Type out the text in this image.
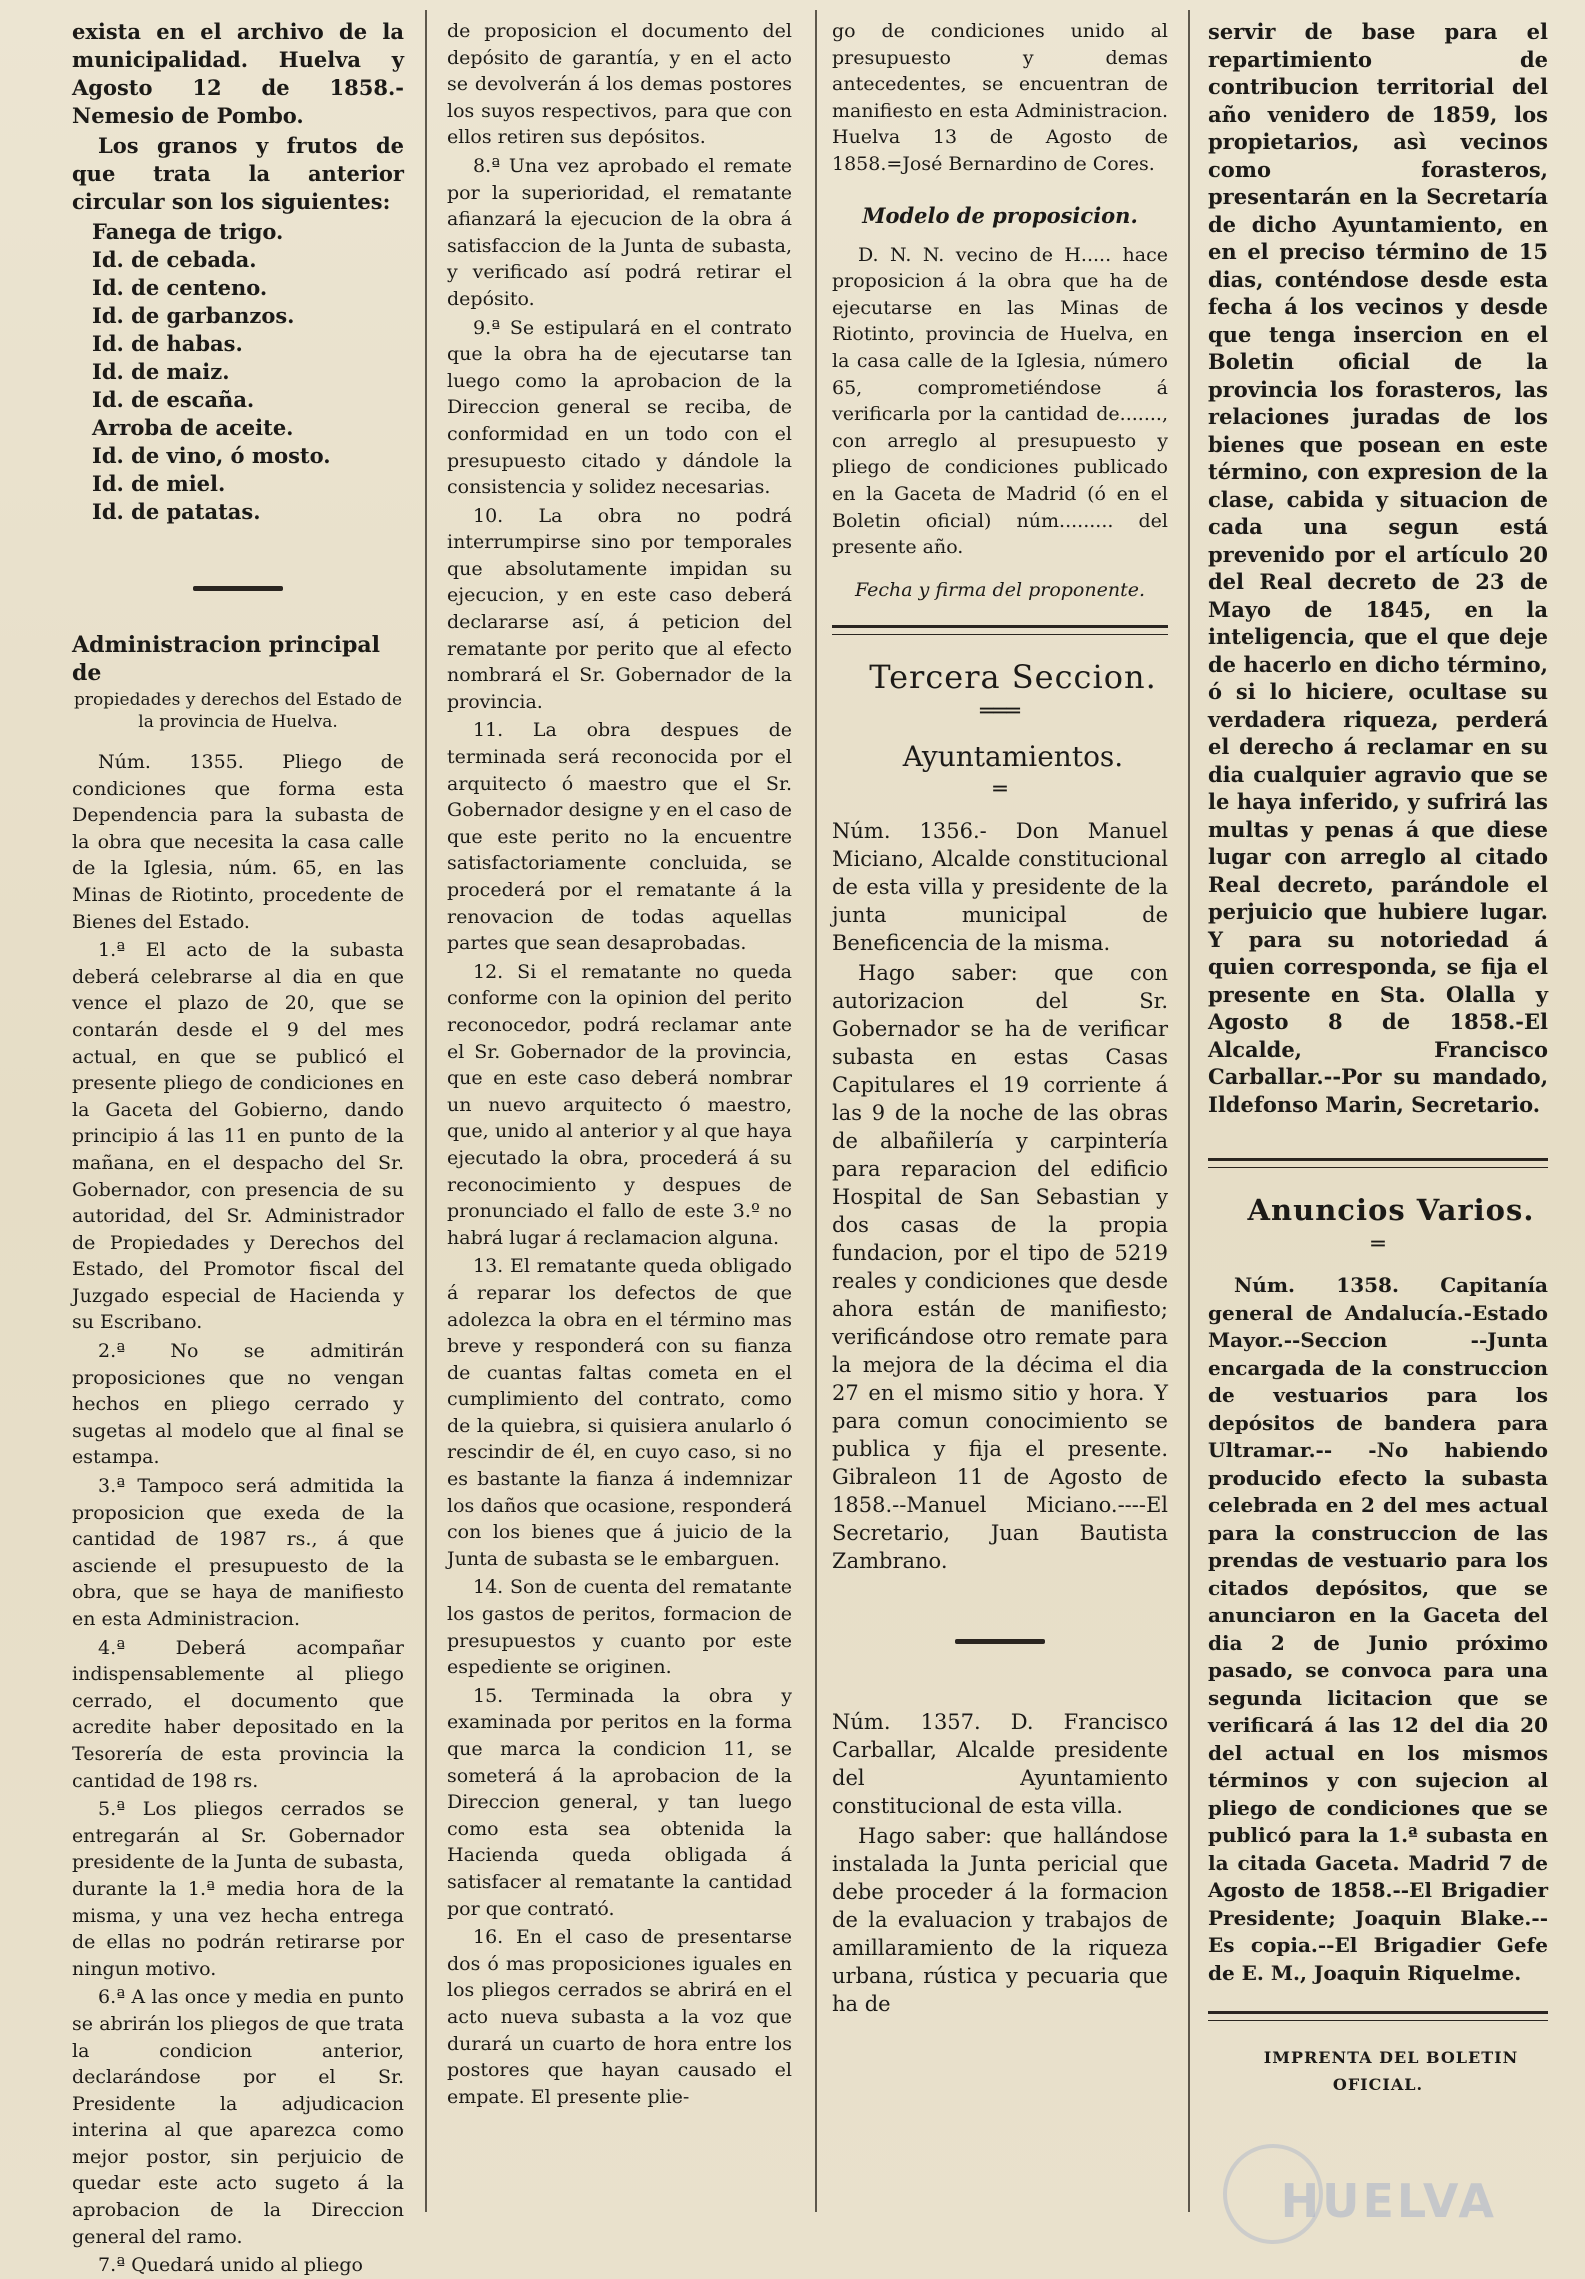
exista en el archivo de la municipalidad. Huelva y Agosto 12 de 1858.-Nemesio de Pombo.

Los granos y frutos de que trata la anterior circular son los siguientes:

Fanega de trigo.
Id. de cebada.
Id. de centeno.
Id. de garbanzos.
Id. de habas.
Id. de maiz.
Id. de escaña.
Arroba de aceite.
Id. de vino, ó mosto.
Id. de miel.
Id. de patatas.

Administracion principal de

propiedades y derechos del Estado de la provincia de Huelva.

Núm. 1355. Pliego de condiciones que forma esta Dependencia para la subasta de la obra que necesita la casa calle de la Iglesia, núm. 65, en las Minas de Riotinto, procedente de Bienes del Estado.

1.ª El acto de la subasta deberá celebrarse al dia en que vence el plazo de 20, que se contarán desde el 9 del mes actual, en que se publicó el presente pliego de condiciones en la Gaceta del Gobierno, dando principio á las 11 en punto de la mañana, en el despacho del Sr. Gobernador, con presencia de su autoridad, del Sr. Administrador de Propiedades y Derechos del Estado, del Promotor fiscal del Juzgado especial de Hacienda y su Escribano.

2.ª No se admitirán proposiciones que no vengan hechos en pliego cerrado y sugetas al modelo que al final se estampa.

3.ª Tampoco será admitida la proposicion que exeda de la cantidad de 1987 rs., á que asciende el presupuesto de la obra, que se haya de manifiesto en esta Administracion.

4.ª Deberá acompañar indispensablemente al pliego cerrado, el documento que acredite haber depositado en la Tesorería de esta provincia la cantidad de 198 rs.

5.ª Los pliegos cerrados se entregarán al Sr. Gobernador presidente de la Junta de subasta, durante la 1.ª media hora de la misma, y una vez hecha entrega de ellas no podrán retirarse por ningun motivo.

6.ª A las once y media en punto se abrirán los pliegos de que trata la condicion anterior, declarándose por el Sr. Presidente la adjudicacion interina al que aparezca como mejor postor, sin perjuicio de quedar este acto sugeto á la aprobacion de la Direccion general del ramo.

7.ª Quedará unido al pliego

de proposicion el documento del depósito de garantía, y en el acto se devolverán á los demas postores los suyos respectivos, para que con ellos retiren sus depósitos.

8.ª Una vez aprobado el remate por la superioridad, el rematante afianzará la ejecucion de la obra á satisfaccion de la Junta de subasta, y verificado así podrá retirar el depósito.

9.ª Se estipulará en el contrato que la obra ha de ejecutarse tan luego como la aprobacion de la Direccion general se reciba, de conformidad en un todo con el presupuesto citado y dándole la consistencia y solidez necesarias.

10. La obra no podrá interrumpirse sino por temporales que absolutamente impidan su ejecucion, y en este caso deberá declararse así, á peticion del rematante por perito que al efecto nombrará el Sr. Gobernador de la provincia.

11. La obra despues de terminada será reconocida por el arquitecto ó maestro que el Sr. Gobernador designe y en el caso de que este perito no la encuentre satisfactoriamente concluida, se procederá por el rematante á la renovacion de todas aquellas partes que sean desaprobadas.

12. Si el rematante no queda conforme con la opinion del perito reconocedor, podrá reclamar ante el Sr. Gobernador de la provincia, que en este caso deberá nombrar un nuevo arquitecto ó maestro, que, unido al anterior y al que haya ejecutado la obra, procederá á su reconocimiento y despues de pronunciado el fallo de este 3.º no habrá lugar á reclamacion alguna.

13. El rematante queda obligado á reparar los defectos de que adolezca la obra en el término mas breve y responderá con su fianza de cuantas faltas cometa en el cumplimiento del contrato, como de la quiebra, si quisiera anularlo ó rescindir de él, en cuyo caso, si no es bastante la fianza á indemnizar los daños que ocasione, responderá con los bienes que á juicio de la Junta de subasta se le embarguen.

14. Son de cuenta del rematante los gastos de peritos, formacion de presupuestos y cuanto por este espediente se originen.

15. Terminada la obra y examinada por peritos en la forma que marca la condicion 11, se someterá á la aprobacion de la Direccion general, y tan luego como esta sea obtenida la Hacienda queda obligada á satisfacer al rematante la cantidad por que contrató.

16. En el caso de presentarse dos ó mas proposiciones iguales en los pliegos cerrados se abrirá en el acto nueva subasta a la voz que durará un cuarto de hora entre los postores que hayan causado el empate. El presente plie-

go de condiciones unido al presupuesto y demas antecedentes, se encuentran de manifiesto en esta Administracion. Huelva 13 de Agosto de 1858.=José Bernardino de Cores.

Modelo de proposicion.

D. N. N. vecino de H..... hace proposicion á la obra que ha de ejecutarse en las Minas de Riotinto, provincia de Huelva, en la casa calle de la Iglesia, número 65, comprometiéndose á verificarla por la cantidad de......., con arreglo al presupuesto y pliego de condiciones publicado en la Gaceta de Madrid (ó en el Boletin oficial) núm......... del presente año.

Fecha y firma del proponente.

Tercera Seccion.

═══

Ayuntamientos.

═

Núm. 1356.- Don Manuel Miciano, Alcalde constitucional de esta villa y presidente de la junta municipal de Beneficencia de la misma.

Hago saber: que con autorizacion del Sr. Gobernador se ha de verificar subasta en estas Casas Capitulares el 19 corriente á las 9 de la noche de las obras de albañilería y carpintería para reparacion del edificio Hospital de San Sebastian y dos casas de la propia fundacion, por el tipo de 5219 reales y condiciones que desde ahora están de manifiesto; verificándose otro remate para la mejora de la décima el dia 27 en el mismo sitio y hora. Y para comun conocimiento se publica y fija el presente. Gibraleon 11 de Agosto de 1858.--Manuel Miciano.----El Secretario, Juan Bautista Zambrano.

Núm. 1357. D. Francisco Carballar, Alcalde presidente del Ayuntamiento constitucional de esta villa.

Hago saber: que hallándose instalada la Junta pericial que debe proceder á la formacion de la evaluacion y trabajos de amillaramiento de la riqueza urbana, rústica y pecuaria que ha de

servir de base para el repartimiento de contribucion territorial del año venidero de 1859, los propietarios, asì vecinos como forasteros, presentarán en la Secretaría de dicho Ayuntamiento, en en el preciso término de 15 dias, conténdose desde esta fecha á los vecinos y desde que tenga insercion en el Boletin oficial de la provincia los forasteros, las relaciones juradas de los bienes que posean en este término, con expresion de la clase, cabida y situacion de cada una segun está prevenido por el artículo 20 del Real decreto de 23 de Mayo de 1845, en la inteligencia, que el que deje de hacerlo en dicho término, ó si lo hiciere, ocultase su verdadera riqueza, perderá el derecho á reclamar en su dia cualquier agravio que se le haya inferido, y sufrirá las multas y penas á que diese lugar con arreglo al citado Real decreto, parándole el perjuicio que hubiere lugar. Y para su notoriedad á quien corresponda, se fija el presente en Sta. Olalla y Agosto 8 de 1858.-El Alcalde, Francisco Carballar.--Por su mandado, Ildefonso Marin, Secretario.

Anuncios Varios.

═

Núm. 1358. Capitanía general de Andalucía.-Estado Mayor.--Seccion --Junta encargada de la construccion de vestuarios para los depósitos de bandera para Ultramar.-- -No habiendo producido efecto la subasta celebrada en 2 del mes actual para la construccion de las prendas de vestuario para los citados depósitos, que se anunciaron en la Gaceta del dia 2 de Junio próximo pasado, se convoca para una segunda licitacion que se verificará á las 12 del dia 20 del actual en los mismos términos y con sujecion al pliego de condiciones que se publicó para la 1.ª subasta en la citada Gaceta. Madrid 7 de Agosto de 1858.--El Brigadier Presidente; Joaquin Blake.--Es copia.--El Brigadier Gefe de E. M., Joaquin Riquelme.

IMPRENTA DEL BOLETIN OFICIAL.

HUELVA
